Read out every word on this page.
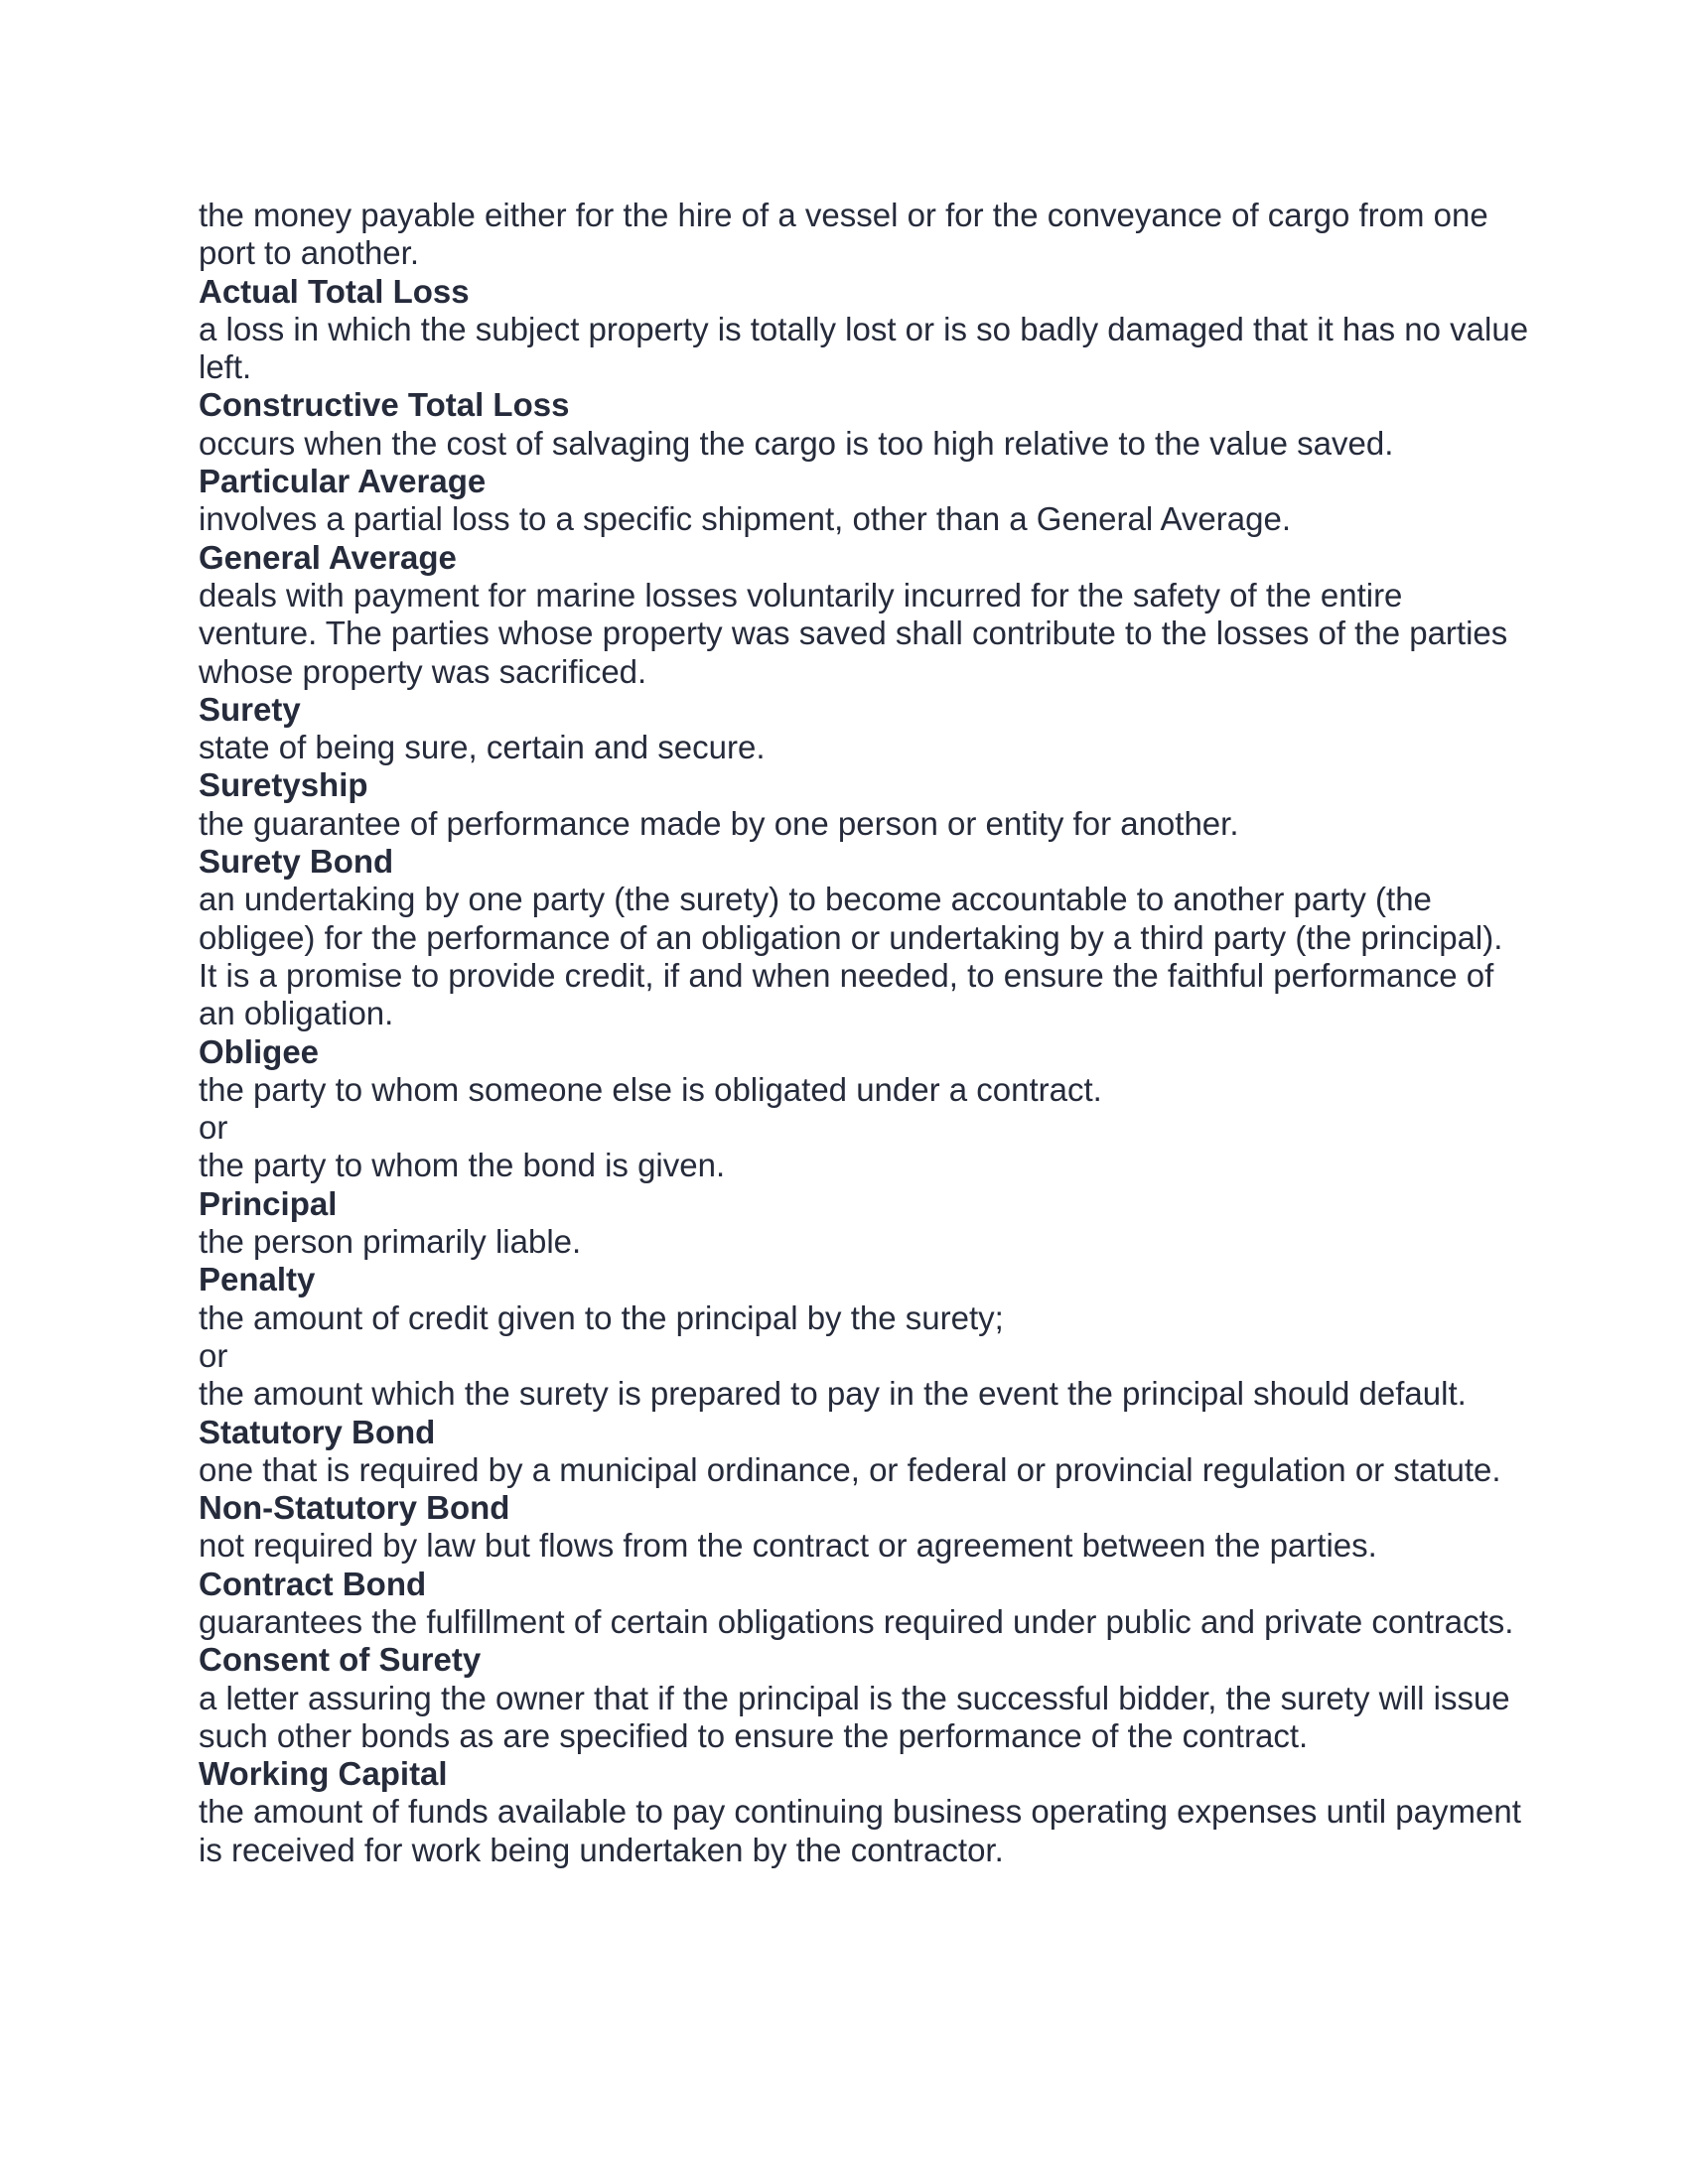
the money payable either for the hire of a vessel or for the conveyance of cargo from one port to another.

Actual Total Loss

a loss in which the subject property is totally lost or is so badly damaged that it has no value left.

Constructive Total Loss

occurs when the cost of salvaging the cargo is too high relative to the value saved.

Particular Average

involves a partial loss to a specific shipment, other than a General Average.

General Average

deals with payment for marine losses voluntarily incurred for the safety of the entire venture. The parties whose property was saved shall contribute to the losses of the parties whose property was sacrificed.

Surety

state of being sure, certain and secure.

Suretyship

the guarantee of performance made by one person or entity for another.

Surety Bond

an undertaking by one party (the surety) to become accountable to another party (the obligee) for the performance of an obligation or undertaking by a third party (the principal). It is a promise to provide credit, if and when needed, to ensure the faithful performance of an obligation.

Obligee

the party to whom someone else is obligated under a contract.

or

the party to whom the bond is given.

Principal

the person primarily liable.

Penalty

the amount of credit given to the principal by the surety;

or

the amount which the surety is prepared to pay in the event the principal should default.

Statutory Bond

one that is required by a municipal ordinance, or federal or provincial regulation or statute.

Non-Statutory Bond

not required by law but flows from the contract or agreement between the parties.

Contract Bond

guarantees the fulfillment of certain obligations required under public and private contracts.

Consent of Surety

a letter assuring the owner that if the principal is the successful bidder, the surety will issue such other bonds as are specified to ensure the performance of the contract.

Working Capital

the amount of funds available to pay continuing business operating expenses until payment is received for work being undertaken by the contractor.
